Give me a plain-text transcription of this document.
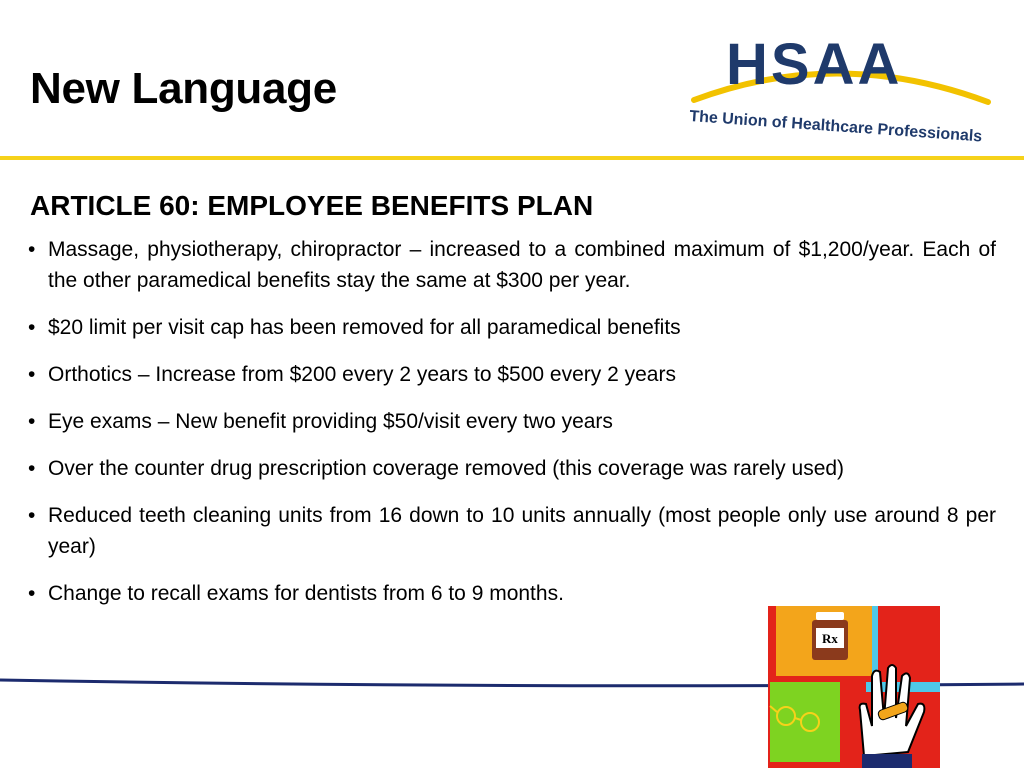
New Language	HSAA
The Union of Healthcare Professionals
ARTICLE 60: EMPLOYEE BENEFITS PLAN
• Massage, physiotherapy, chiropractor – increased to a combined maximum of $1,200/year. Each of the other paramedical benefits stay the same at $300 per year.
• $20 limit per visit cap has been removed for all paramedical benefits
• Orthotics – Increase from $200 every 2 years to $500 every 2 years
• Eye exams – New benefit providing $50/visit every two years
• Over the counter drug prescription coverage removed (this coverage was rarely used)
• Reduced teeth cleaning units from 16 down to 10 units annually (most people only use around 8 per year)
• Change to recall exams for dentists from 6 to 9 months.
Rx
